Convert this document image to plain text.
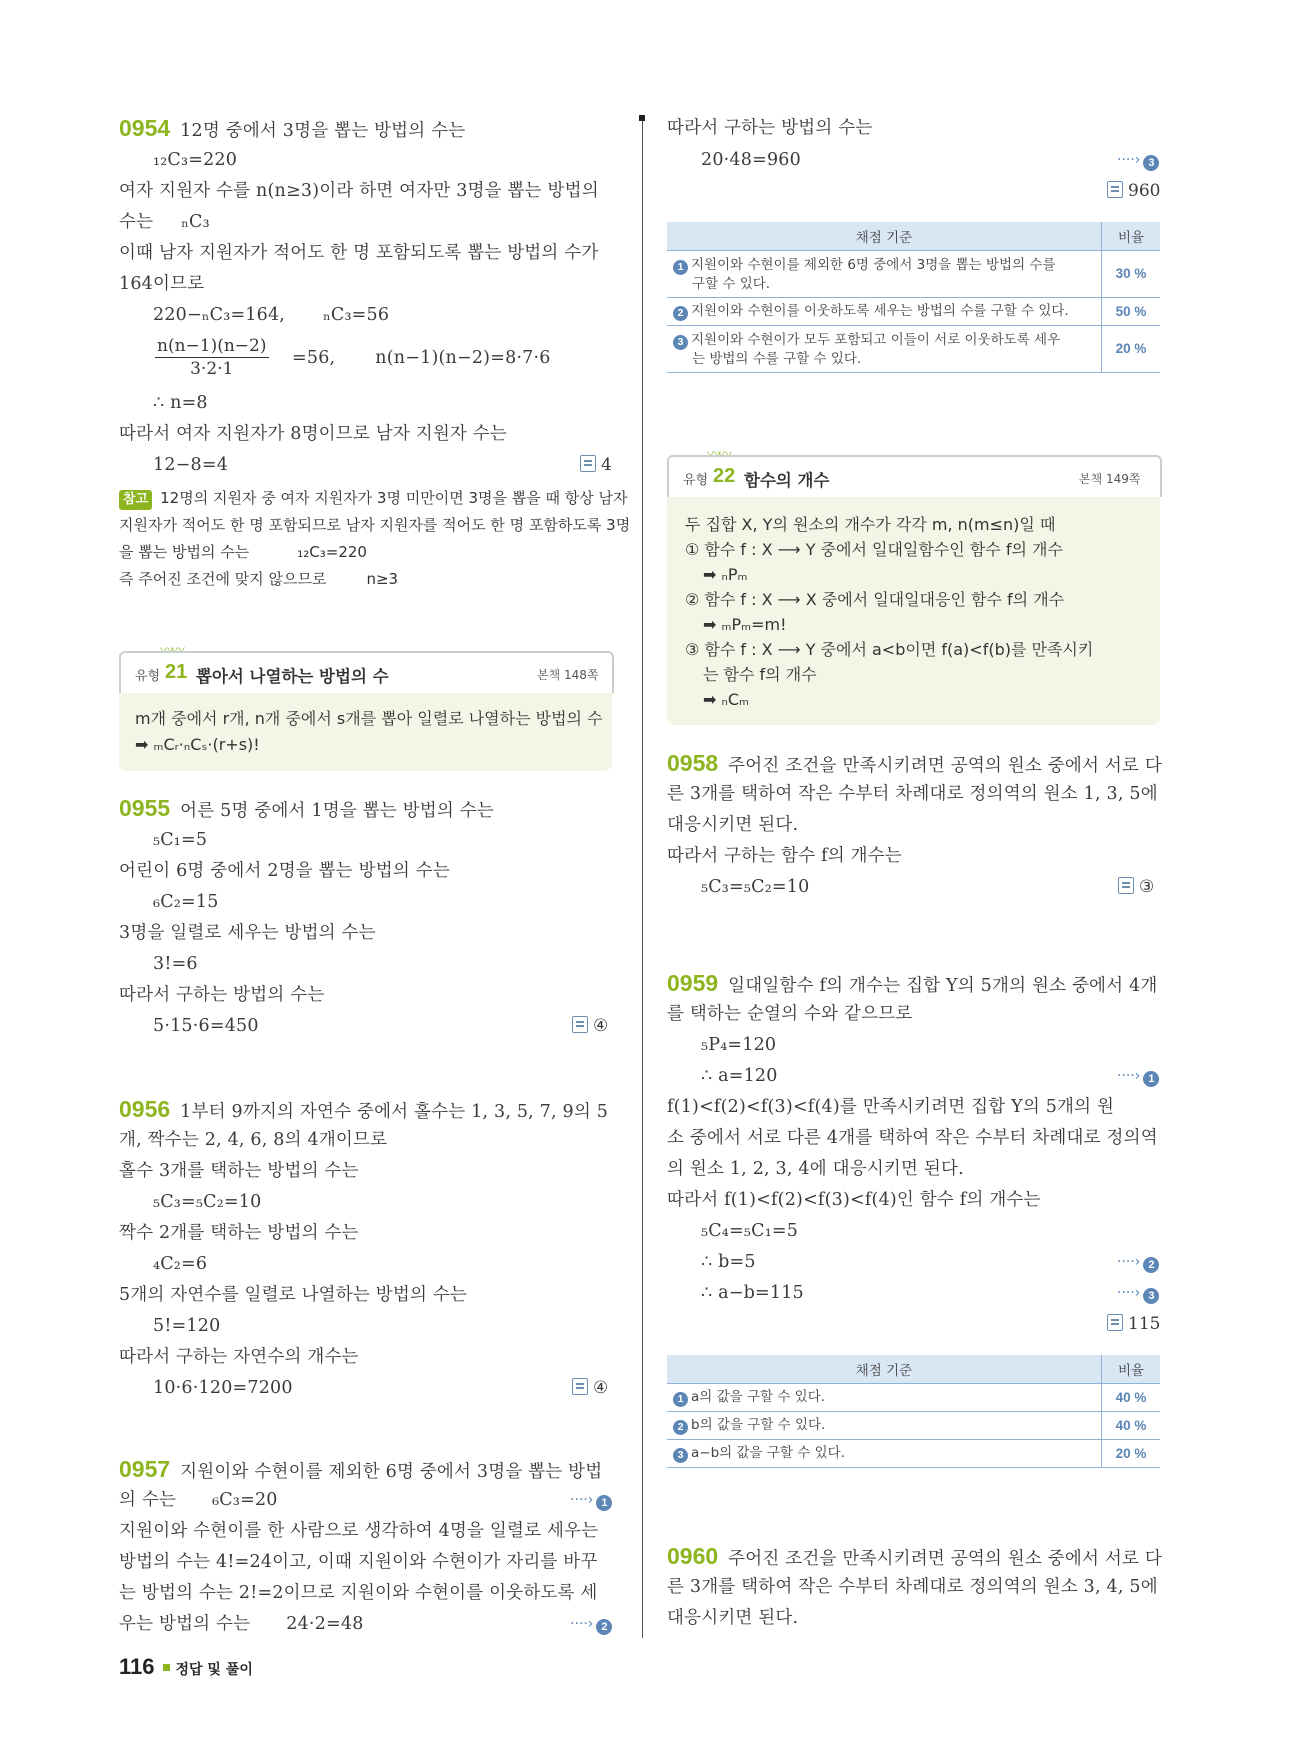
0954 12명 중에서 3명을 뽑는 방법의 수는
₁₂C₃=220
여자 지원자 수를 n(n≥3)이라 하면 여자만 3명을 뽑는 방법의
수는 ₙC₃
이때 남자 지원자가 적어도 한 명 포함되도록 뽑는 방법의 수가
164이므로
220−ₙC₃=164, ₙC₃=56
$\frac{n(n-1)(n-2)}{3\cdot 2\cdot 1} =56$, n(n−1)(n−2)=8·7·6
∴ n=8
따라서 여자 지원자가 8명이므로 남자 지원자 수는
12−8=4	4
참고 12명의 지원자 중 여자 지원자가 3명 미만이면 3명을 뽑을 때 항상 남자
지원자가 적어도 한 명 포함되므로 남자 지원자를 적어도 한 명 포함하도록 3명
을 뽑는 방법의 수는	₁₂C₃=220
즉 주어진 조건에 맞지 않으므로	n≥3
유형 21 뽑아서 나열하는 방법의 수	본책 148쪽
m개 중에서 r개, n개 중에서 s개를 뽑아 일렬로 나열하는 방법의 수
➡ ₘCᵣ·ₙCₛ·(r+s)!
0955 어른 5명 중에서 1명을 뽑는 방법의 수는
₅C₁=5
어린이 6명 중에서 2명을 뽑는 방법의 수는
₆C₂=15
3명을 일렬로 세우는 방법의 수는
3!=6
따라서 구하는 방법의 수는
5·15·6=450	④
0956 1부터 9까지의 자연수 중에서 홀수는 1, 3, 5, 7, 9의 5
개, 짝수는 2, 4, 6, 8의 4개이므로
홀수 3개를 택하는 방법의 수는
₅C₃=₅C₂=10
짝수 2개를 택하는 방법의 수는
₄C₂=6
5개의 자연수를 일렬로 나열하는 방법의 수는
5!=120
따라서 구하는 자연수의 개수는
10·6·120=7200	④
0957 지원이와 수현이를 제외한 6명 중에서 3명을 뽑는 방법
의 수는 ₆C₃=20	····› 1
지원이와 수현이를 한 사람으로 생각하여 4명을 일렬로 세우는
방법의 수는 4!=24이고, 이때 지원이와 수현이가 자리를 바꾸
는 방법의 수는 2!=2이므로 지원이와 수현이를 이웃하도록 세
우는 방법의 수는 24·2=48	····› 2
따라서 구하는 방법의 수는
20·48=960	····› 3
960
채점 기준	비율
1 지원이와 수현이를 제외한 6명 중에서 3명을 뽑는 방법의 수를
구할 수 있다.	30 %
2 지원이와 수현이를 이웃하도록 세우는 방법의 수를 구할 수 있다.	50 %
3 지원이와 수현이가 모두 포함되고 이들이 서로 이웃하도록 세우
는 방법의 수를 구할 수 있다.	20 %
유형 22 함수의 개수	본책 149쪽
두 집합 X, Y의 원소의 개수가 각각 m, n(m≤n)일 때
① 함수 f : X ⟶ Y 중에서 일대일함수인 함수 f의 개수
➡ ₙPₘ
② 함수 f : X ⟶ X 중에서 일대일대응인 함수 f의 개수
➡ ₘPₘ=m!
③ 함수 f : X ⟶ Y 중에서 a<b이면 f(a)<f(b)를 만족시키
는 함수 f의 개수
➡ ₙCₘ
0958 주어진 조건을 만족시키려면 공역의 원소 중에서 서로 다
른 3개를 택하여 작은 수부터 차례대로 정의역의 원소 1, 3, 5에
대응시키면 된다.
따라서 구하는 함수 f의 개수는
₅C₃=₅C₂=10	③
0959 일대일함수 f의 개수는 집합 Y의 5개의 원소 중에서 4개
를 택하는 순열의 수와 같으므로
₅P₄=120
∴ a=120	····› 1
f(1)<f(2)<f(3)<f(4)를 만족시키려면 집합 Y의 5개의 원
소 중에서 서로 다른 4개를 택하여 작은 수부터 차례대로 정의역
의 원소 1, 2, 3, 4에 대응시키면 된다.
따라서 f(1)<f(2)<f(3)<f(4)인 함수 f의 개수는
₅C₄=₅C₁=5
∴ b=5	····› 2
∴ a−b=115	····› 3
115
채점 기준	비율
1 a의 값을 구할 수 있다.	40 %
2 b의 값을 구할 수 있다.	40 %
3 a−b의 값을 구할 수 있다.	20 %
0960 주어진 조건을 만족시키려면 공역의 원소 중에서 서로 다
른 3개를 택하여 작은 수부터 차례대로 정의역의 원소 3, 4, 5에
대응시키면 된다.
116 정답 및 풀이
